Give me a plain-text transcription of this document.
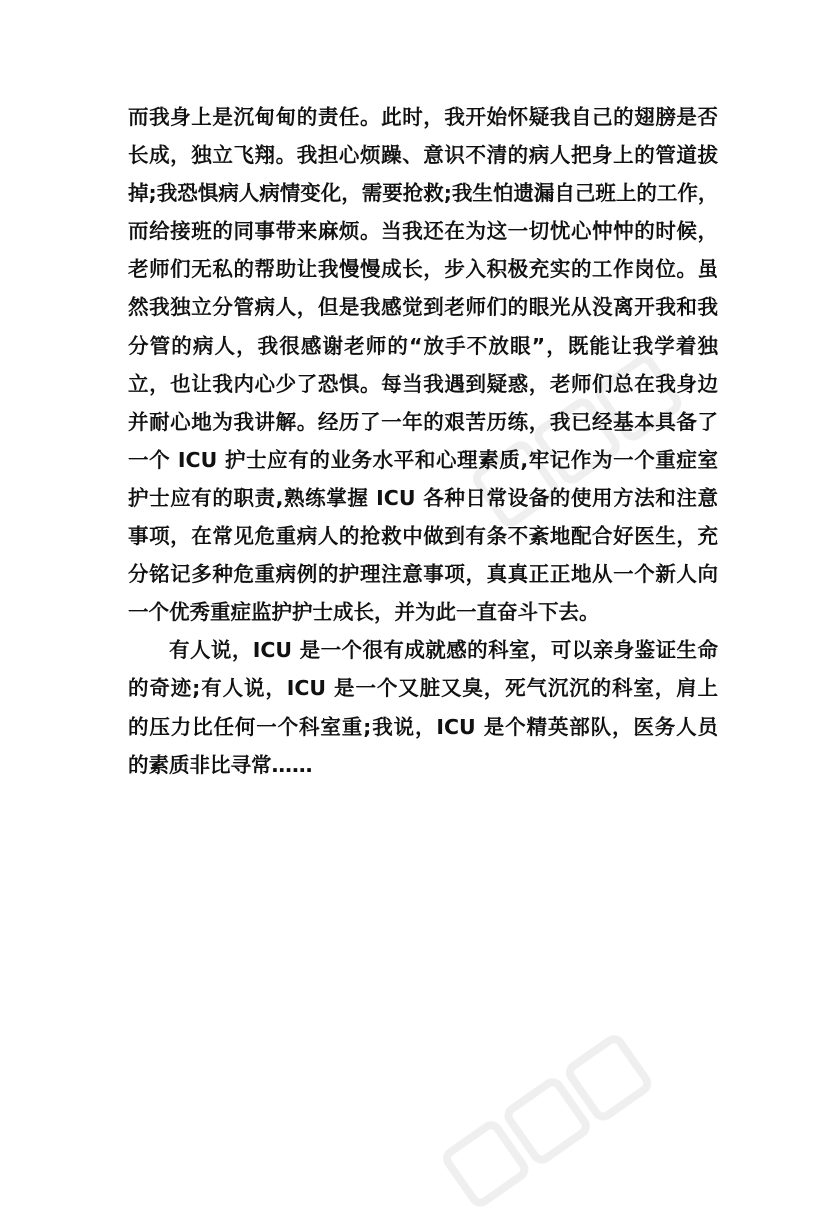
而我身上是沉甸甸的责任。此时，我开始怀疑我自己的翅膀是否
长成，独立飞翔。我担心烦躁、意识不清的病人把身上的管道拔
掉;我恐惧病人病情变化，需要抢救;我生怕遗漏自己班上的工作，
而给接班的同事带来麻烦。当我还在为这一切忧心忡忡的时候，
老师们无私的帮助让我慢慢成长，步入积极充实的工作岗位。虽
然我独立分管病人，但是我感觉到老师们的眼光从没离开我和我
分管的病人，我很感谢老师的“放手不放眼”，既能让我学着独
立，也让我内心少了恐惧。每当我遇到疑惑，老师们总在我身边
并耐心地为我讲解。经历了一年的艰苦历练，我已经基本具备了
一个 ICU 护士应有的业务水平和心理素质,牢记作为一个重症室
护士应有的职责,熟练掌握 ICU 各种日常设备的使用方法和注意
事项，在常见危重病人的抢救中做到有条不紊地配合好医生，充
分铭记多种危重病例的护理注意事项，真真正正地从一个新人向
一个优秀重症监护护士成长，并为此一直奋斗下去。
有人说，ICU 是一个很有成就感的科室，可以亲身鉴证生命
的奇迹;有人说，ICU 是一个又脏又臭，死气沉沉的科室，肩上
的压力比任何一个科室重;我说，ICU 是个精英部队，医务人员
的素质非比寻常……
